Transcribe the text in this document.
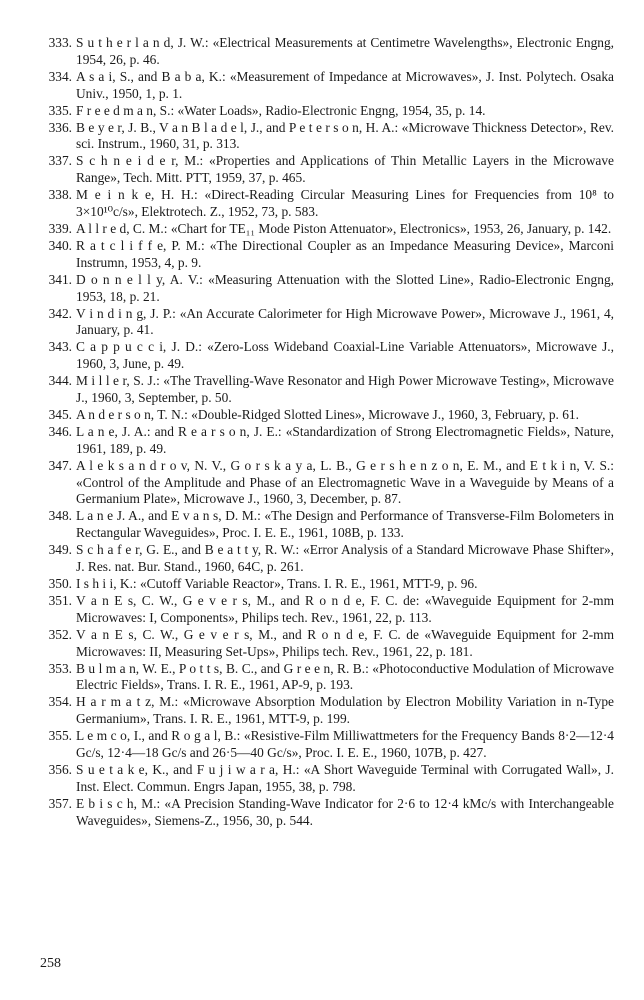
333. S u t h e r l a n d, J. W.: «Electrical Measurements at Centimetre Wavelengths», Electronic Engng, 1954, 26, p. 46.
334. A s a i, S., and B a b a, K.: «Measurement of Impedance at Microwaves», J. Inst. Polytech. Osaka Univ., 1950, 1, p. 1.
335. F r e e d m a n, S.: «Water Loads», Radio-Electronic Engng, 1954, 35, p. 14.
336. B e y e r, J. B., V a n B l a d e l, J., and P e t e r s o n, H. A.: «Microwave Thickness Detector», Rev. sci. Instrum., 1960, 31, p. 313.
337. S c h n e i d e r, M.: «Properties and Applications of Thin Metallic Layers in the Microwave Range», Tech. Mitt. PTT, 1959, 37, p. 465.
338. M e i n k e, H. H.: «Direct-Reading Circular Measuring Lines for Frequencies from 10⁸ to 3×10¹⁰c/s», Elektrotech. Z., 1952, 73, p. 583.
339. A l l r e d, C. M.: «Chart for TE₁₁ Mode Piston Attenuator», Electronics», 1953, 26, January, p. 142.
340. R a t c l i f f e, P. M.: «The Directional Coupler as an Impedance Measuring Device», Marconi Instrumn, 1953, 4, p. 9.
341. D o n n e l l y, A. V.: «Measuring Attenuation with the Slotted Line», Radio-Electronic Engng, 1953, 18, p. 21.
342. V i n d i n g, J. P.: «An Accurate Calorimeter for High Microwave Power», Microwave J., 1961, 4, January, p. 41.
343. C a p p u c c i, J. D.: «Zero-Loss Wideband Coaxial-Line Variable Attenuators», Microwave J., 1960, 3, June, p. 49.
344. M i l l e r, S. J.: «The Travelling-Wave Resonator and High Power Microwave Testing», Microwave J., 1960, 3, September, p. 50.
345. A n d e r s o n, T. N.: «Double-Ridged Slotted Lines», Microwave J., 1960, 3, February, p. 61.
346. L a n e, J. A.: and R e a r s o n, J. E.: «Standardization of Strong Electromagnetic Fields», Nature, 1961, 189, p. 49.
347. A l e k s a n d r o v, N. V., G o r s k a y a, L. B., G e r s h e n z o n, E. M., and E t k i n, V. S.: «Control of the Amplitude and Phase of an Electromagnetic Wave in a Waveguide by Means of a Germanium Plate», Microwave J., 1960, 3, December, p. 87.
348. L a n e J. A., and E v a n s, D. M.: «The Design and Performance of Transverse-Film Bolometers in Rectangular Waveguides», Proc. I. E. E., 1961, 108B, p. 133.
349. S c h a f e r, G. E., and B e a t t y, R. W.: «Error Analysis of a Standard Microwave Phase Shifter», J. Res. nat. Bur. Stand., 1960, 64C, p. 261.
350. I s h i i, K.: «Cutoff Variable Reactor», Trans. I. R. E., 1961, MTT-9, p. 96.
351. V a n E s, C. W., G e v e r s, M., and R o n d e, F. C. de: «Waveguide Equipment for 2-mm Microwaves: I, Components», Philips tech. Rev., 1961, 22, p. 113.
352. V a n E s, C. W., G e v e r s, M., and R o n d e, F. C. de «Waveguide Equipment for 2-mm Microwaves: II, Measuring Set-Ups», Philips tech. Rev., 1961, 22, p. 181.
353. B u l m a n, W. E., P o t t s, B. C., and G r e e n, R. B.: «Photoconductive Modulation of Microwave Electric Fields», Trans. I. R. E., 1961, AP-9, p. 193.
354. H a r m a t z, M.: «Microwave Absorption Modulation by Electron Mobility Variation in n-Type Germanium», Trans. I. R. E., 1961, MTT-9, p. 199.
355. L e m c o, I., and R o g a l, B.: «Resistive-Film Milliwattmeters for the Frequency Bands 8·2—12·4 Gc/s, 12·4—18 Gc/s and 26·5—40 Gc/s», Proc. I. E. E., 1960, 107B, p. 427.
356. S u e t a k e, K., and F u j i w a r a, H.: «A Short Waveguide Terminal with Corrugated Wall», J. Inst. Elect. Commun. Engrs Japan, 1955, 38, p. 798.
357. E b i s c h, M.: «A Precision Standing-Wave Indicator for 2·6 to 12·4 kMc/s with Interchangeable Waveguides», Siemens-Z., 1956, 30, p. 544.
258
